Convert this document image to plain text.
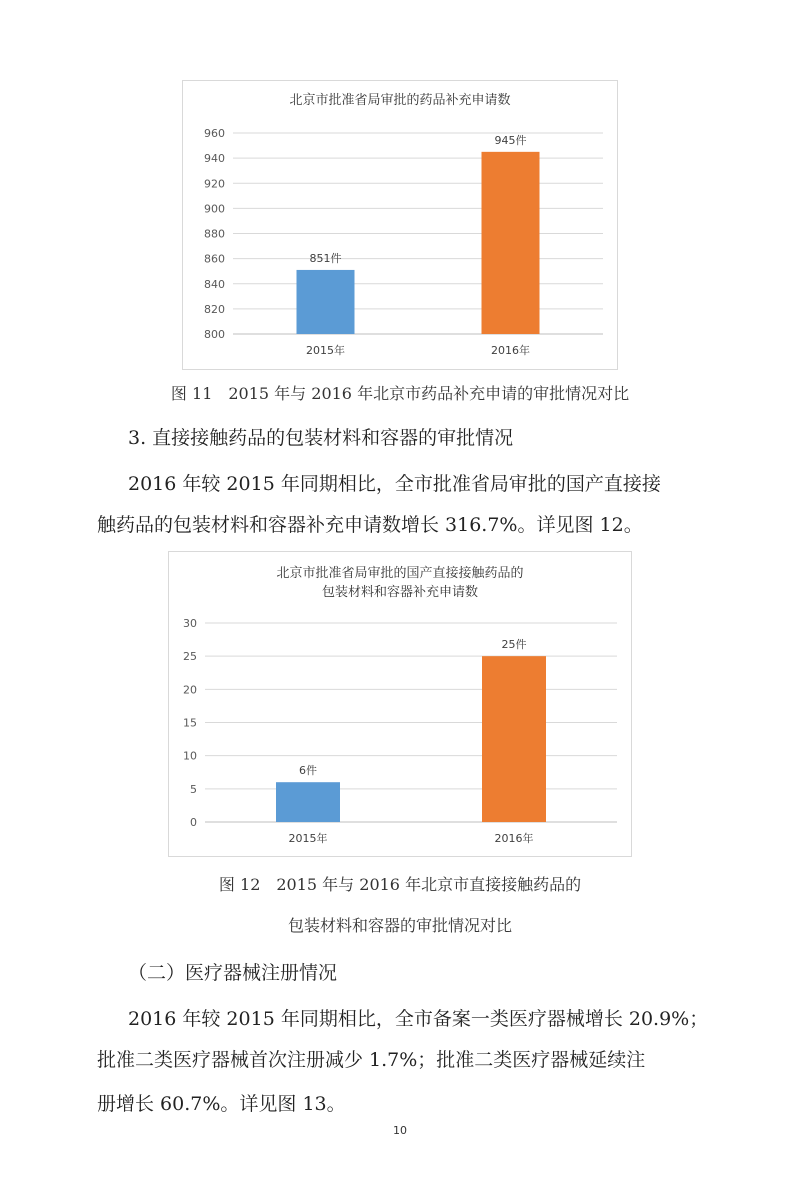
北京市批准省局审批的药品补充申请数
800
820
840
860
880
900
920
940
960
851件
2015年
945件
2016年
图 11　2015 年与 2016 年北京市药品补充申请的审批情况对比
3. 直接接触药品的包装材料和容器的审批情况
2016 年较 2015 年同期相比，全市批准省局审批的国产直接接
触药品的包装材料和容器补充申请数增长 316.7%。详见图 12。
北京市批准省局审批的国产直接接触药品的
包装材料和容器补充申请数
0
5
10
15
20
25
30
6件
2015年
25件
2016年
图 12　2015 年与 2016 年北京市直接接触药品的
包装材料和容器的审批情况对比
（二）医疗器械注册情况
2016 年较 2015 年同期相比，全市备案一类医疗器械增长 20.9%；
批准二类医疗器械首次注册减少 1.7%；批准二类医疗器械延续注
册增长 60.7%。详见图 13。
10
